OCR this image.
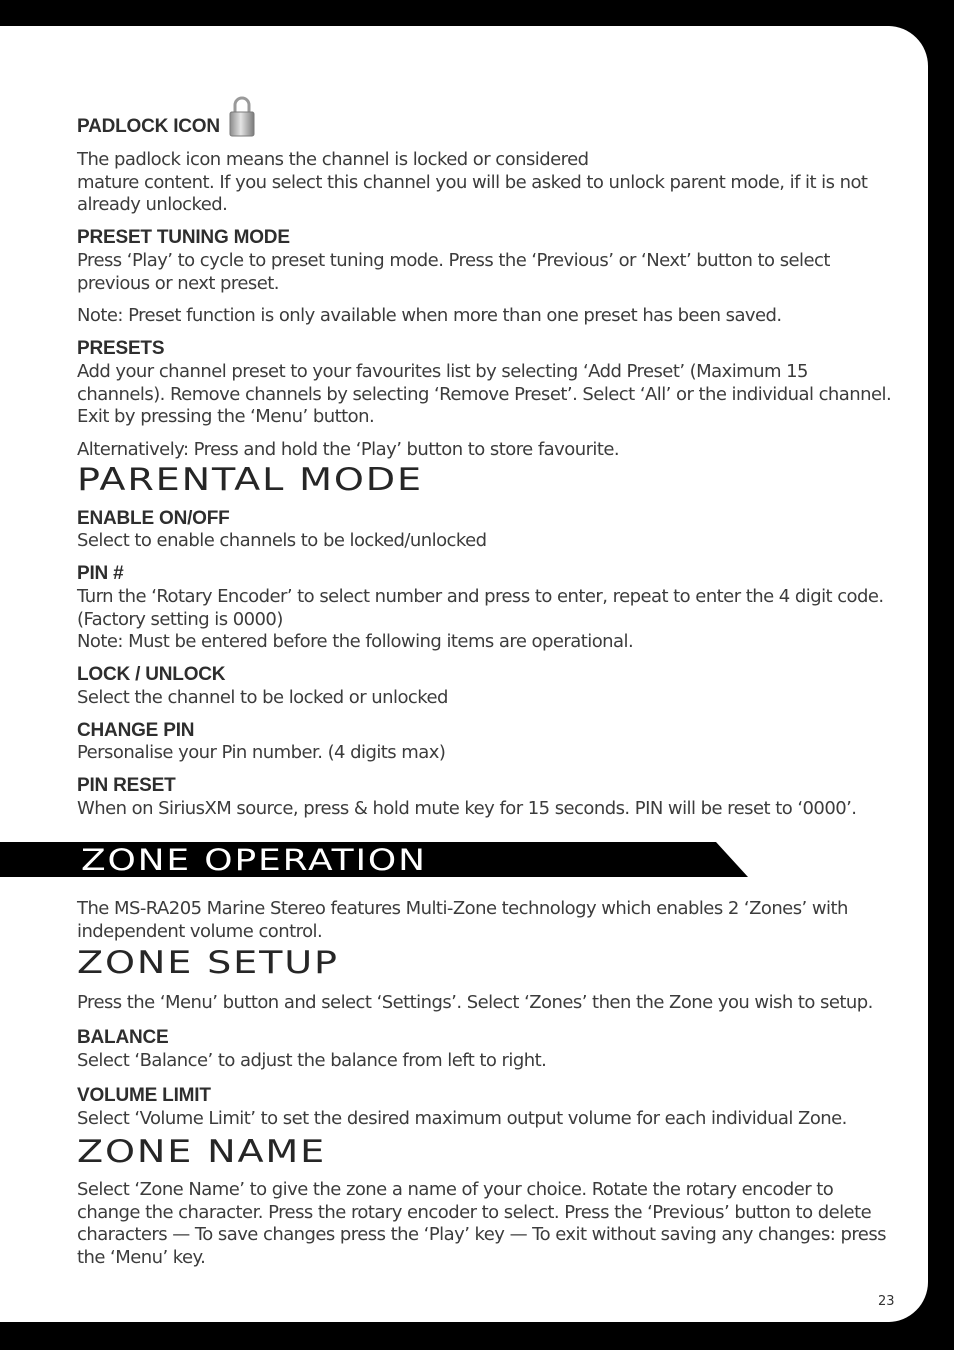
PADLOCK ICON
The padlock icon means the channel is locked or considered
mature content. If you select this channel you will be asked to unlock parent mode, if it is not already unlocked.
PRESET TUNING MODE
Press ‘Play’ to cycle to preset tuning mode. Press the ‘Previous’ or ‘Next’ button to select previous or next preset.
Note: Preset function is only available when more than one preset has been saved.
PRESETS
Add your channel preset to your favourites list by selecting ‘Add Preset’ (Maximum 15 channels). Remove channels by selecting ‘Remove Preset’. Select ‘All’ or the individual channel. Exit by pressing the ‘Menu’ button.
Alternatively: Press and hold the ‘Play’ button to store favourite.
PARENTAL MODE
ENABLE ON/OFF
Select to enable channels to be locked/unlocked
PIN #
Turn the ‘Rotary Encoder’ to select number and press to enter, repeat to enter the 4 digit code. (Factory setting is 0000)
Note: Must be entered before the following items are operational.
LOCK / UNLOCK
Select the channel to be locked or unlocked
CHANGE PIN
Personalise your Pin number. (4 digits max)
PIN RESET
When on SiriusXM source, press & hold mute key for 15 seconds. PIN will be reset to ‘0000’.
ZONE OPERATION
The MS-RA205 Marine Stereo features Multi-Zone technology which enables 2 ‘Zones’ with independent volume control.
ZONE SETUP
Press the ‘Menu’ button and select ‘Settings’. Select ‘Zones’ then the Zone you wish to setup.
BALANCE
Select ‘Balance’ to adjust the balance from left to right.
VOLUME LIMIT
Select ‘Volume Limit’ to set the desired maximum output volume for each individual Zone.
ZONE NAME
Select ‘Zone Name’ to give the zone a name of your choice. Rotate the rotary encoder to change the character. Press the rotary encoder to select. Press the ‘Previous’ button to delete characters — To save changes press the ‘Play’ key — To exit without saving any changes: press the ‘Menu’ key.
23
